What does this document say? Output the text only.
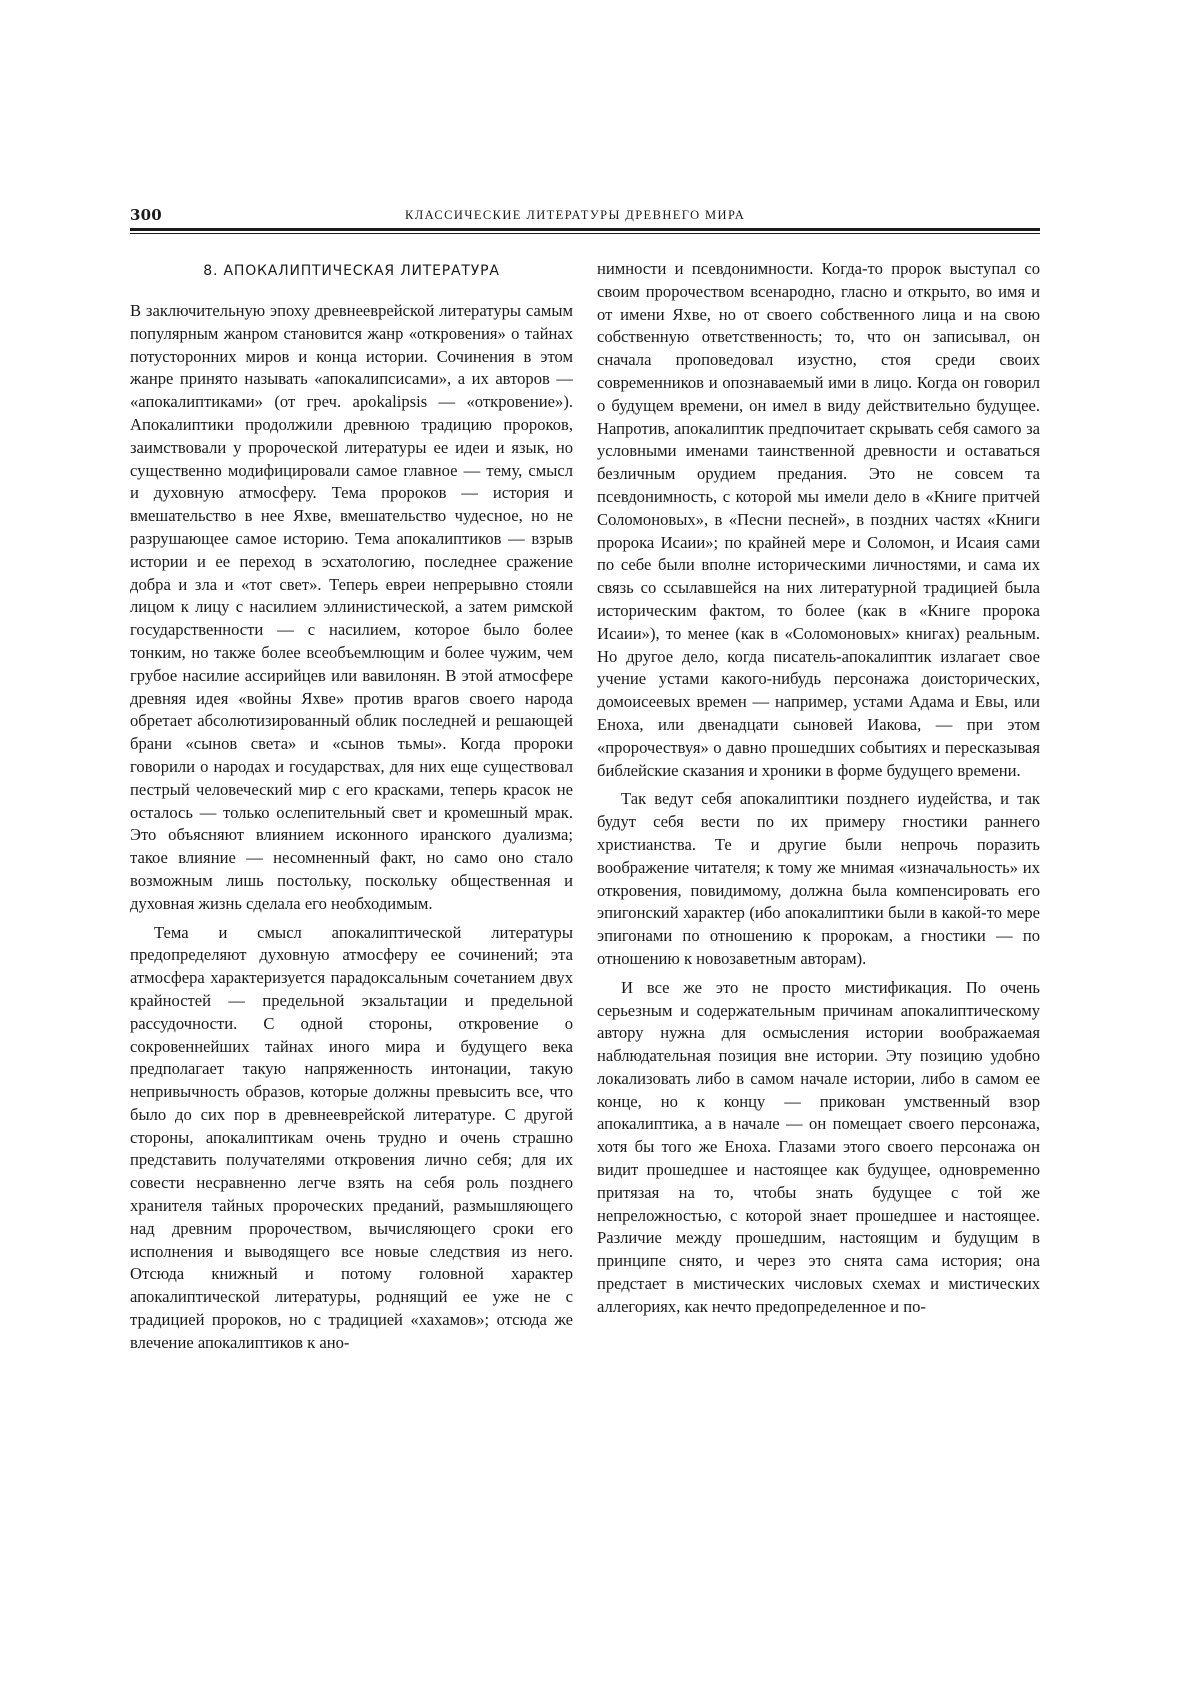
300	КЛАССИЧЕСКИЕ ЛИТЕРАТУРЫ ДРЕВНЕГО МИРА
8. АПОКАЛИПТИЧЕСКАЯ ЛИТЕРАТУРА

В заключительную эпоху древнееврейской литературы самым популярным жанром становится жанр «откровения» о тайнах потусторонних миров и конца истории. Сочинения в этом жанре принято называть «апокалипсисами», а их авторов — «апокалиптиками» (от греч. apokalipsis — «откровение»). Апокалиптики продолжили древнюю традицию пророков, заимствовали у пророческой литературы ее идеи и язык, но существенно модифицировали самое главное — тему, смысл и духовную атмосферу. Тема пророков — история и вмешательство в нее Яхве, вмешательство чудесное, но не разрушающее самое историю. Тема апокалиптиков — взрыв истории и ее переход в эсхатологию, последнее сражение добра и зла и «тот свет». Теперь евреи непрерывно стояли лицом к лицу с насилием эллинистической, а затем римской государственности — с насилием, которое было более тонким, но также более всеобъемлющим и более чужим, чем грубое насилие ассирийцев или вавилонян. В этой атмосфере древняя идея «войны Яхве» против врагов своего народа обретает абсолютизированный облик последней и решающей брани «сынов света» и «сынов тьмы». Когда пророки говорили о народах и государствах, для них еще существовал пестрый человеческий мир с его красками, теперь красок не осталось — только ослепительный свет и кромешный мрак. Это объясняют влиянием исконного иранского дуализма; такое влияние — несомненный факт, но само оно стало возможным лишь постольку, поскольку общественная и духовная жизнь сделала его необходимым.

Тема и смысл апокалиптической литературы предопределяют духовную атмосферу ее сочинений; эта атмосфера характеризуется парадоксальным сочетанием двух крайностей — предельной экзальтации и предельной рассудочности. С одной стороны, откровение о сокровеннейших тайнах иного мира и будущего века предполагает такую напряженность интонации, такую непривычность образов, которые должны превысить все, что было до сих пор в древнееврейской литературе. С другой стороны, апокалиптикам очень трудно и очень страшно представить получателями откровения лично себя; для их совести несравненно легче взять на себя роль позднего хранителя тайных пророческих преданий, размышляющего над древним пророчеством, вычисляющего сроки его исполнения и выводящего все новые следствия из него. Отсюда книжный и потому головной характер апокалиптической литературы, роднящий ее уже не с традицией пророков, но с традицией «хахамов»; отсюда же влечение апокалиптиков к ано-

нимности и псевдонимности. Когда-то пророк выступал со своим пророчеством всенародно, гласно и открыто, во имя и от имени Яхве, но от своего собственного лица и на свою собственную ответственность; то, что он записывал, он сначала проповедовал изустно, стоя среди своих современников и опознаваемый ими в лицо. Когда он говорил о будущем времени, он имел в виду действительно будущее. Напротив, апокалиптик предпочитает скрывать себя самого за условными именами таинственной древности и оставаться безличным орудием предания. Это не совсем та псевдонимность, с которой мы имели дело в «Книге притчей Соломоновых», в «Песни песней», в поздних частях «Книги пророка Исаии»; по крайней мере и Соломон, и Исаия сами по себе были вполне историческими личностями, и сама их связь со ссылавшейся на них литературной традицией была историческим фактом, то более (как в «Книге пророка Исаии»), то менее (как в «Соломоновых» книгах) реальным. Но другое дело, когда писатель-апокалиптик излагает свое учение устами какого-нибудь персонажа доисторических, домоисеевых времен — например, устами Адама и Евы, или Еноха, или двенадцати сыновей Иакова, — при этом «пророчествуя» о давно прошедших событиях и пересказывая библейские сказания и хроники в форме будущего времени.

Так ведут себя апокалиптики позднего иудейства, и так будут себя вести по их примеру гностики раннего христианства. Те и другие были непрочь поразить воображение читателя; к тому же мнимая «изначальность» их откровения, повидимому, должна была компенсировать его эпигонский характер (ибо апокалиптики были в какой-то мере эпигонами по отношению к пророкам, а гностики — по отношению к новозаветным авторам).

И все же это не просто мистификация. По очень серьезным и содержательным причинам апокалиптическому автору нужна для осмысления истории воображаемая наблюдательная позиция вне истории. Эту позицию удобно локализовать либо в самом начале истории, либо в самом ее конце, но к концу — прикован умственный взор апокалиптика, а в начале — он помещает своего персонажа, хотя бы того же Еноха. Глазами этого своего персонажа он видит прошедшее и настоящее как будущее, одновременно притязая на то, чтобы знать будущее с той же непреложностью, с которой знает прошедшее и настоящее. Различие между прошедшим, настоящим и будущим в принципе снято, и через это снята сама история; она предстает в мистических числовых схемах и мистических аллегориях, как нечто предопределенное и по-
